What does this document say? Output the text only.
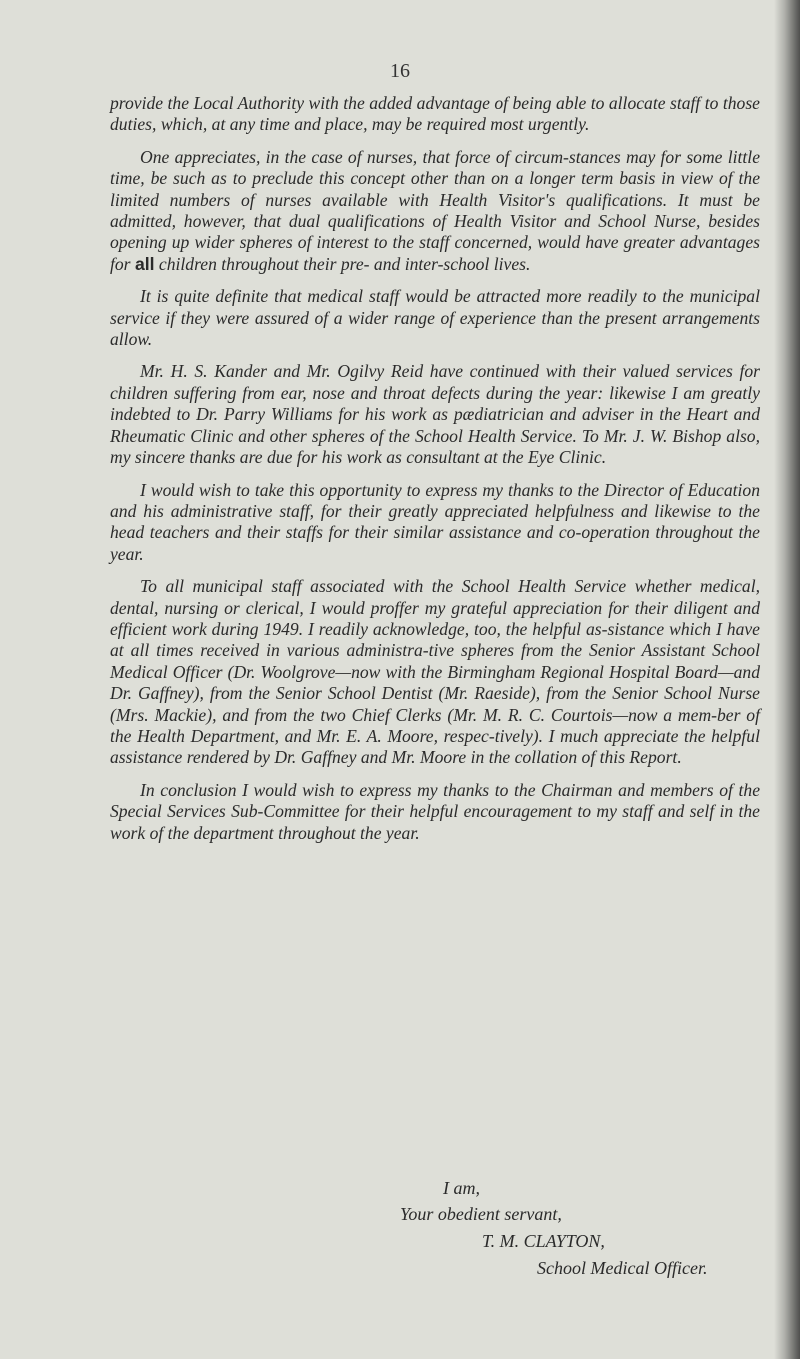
16

provide the Local Authority with the added advantage of being able to allocate staff to those duties, which, at any time and place, may be required most urgently.

One appreciates, in the case of nurses, that force of circum-stances may for some little time, be such as to preclude this concept other than on a longer term basis in view of the limited numbers of nurses available with Health Visitor's qualifications. It must be admitted, however, that dual qualifications of Health Visitor and School Nurse, besides opening up wider spheres of interest to the staff concerned, would have greater advantages for all children throughout their pre- and inter-school lives.

It is quite definite that medical staff would be attracted more readily to the municipal service if they were assured of a wider range of experience than the present arrangements allow.

Mr. H. S. Kander and Mr. Ogilvy Reid have continued with their valued services for children suffering from ear, nose and throat defects during the year: likewise I am greatly indebted to Dr. Parry Williams for his work as pædiatrician and adviser in the Heart and Rheumatic Clinic and other spheres of the School Health Service. To Mr. J. W. Bishop also, my sincere thanks are due for his work as consultant at the Eye Clinic.

I would wish to take this opportunity to express my thanks to the Director of Education and his administrative staff, for their greatly appreciated helpfulness and likewise to the head teachers and their staffs for their similar assistance and co-operation throughout the year.

To all municipal staff associated with the School Health Service whether medical, dental, nursing or clerical, I would proffer my grateful appreciation for their diligent and efficient work during 1949. I readily acknowledge, too, the helpful as-sistance which I have at all times received in various administra-tive spheres from the Senior Assistant School Medical Officer (Dr. Woolgrove—now with the Birmingham Regional Hospital Board—and Dr. Gaffney), from the Senior School Dentist (Mr. Raeside), from the Senior School Nurse (Mrs. Mackie), and from the two Chief Clerks (Mr. M. R. C. Courtois—now a mem-ber of the Health Department, and Mr. E. A. Moore, respec-tively). I much appreciate the helpful assistance rendered by Dr. Gaffney and Mr. Moore in the collation of this Report.

In conclusion I would wish to express my thanks to the Chairman and members of the Special Services Sub-Committee for their helpful encouragement to my staff and self in the work of the department throughout the year.

I am,
Your obedient servant,
T. M. CLAYTON,
School Medical Officer.
